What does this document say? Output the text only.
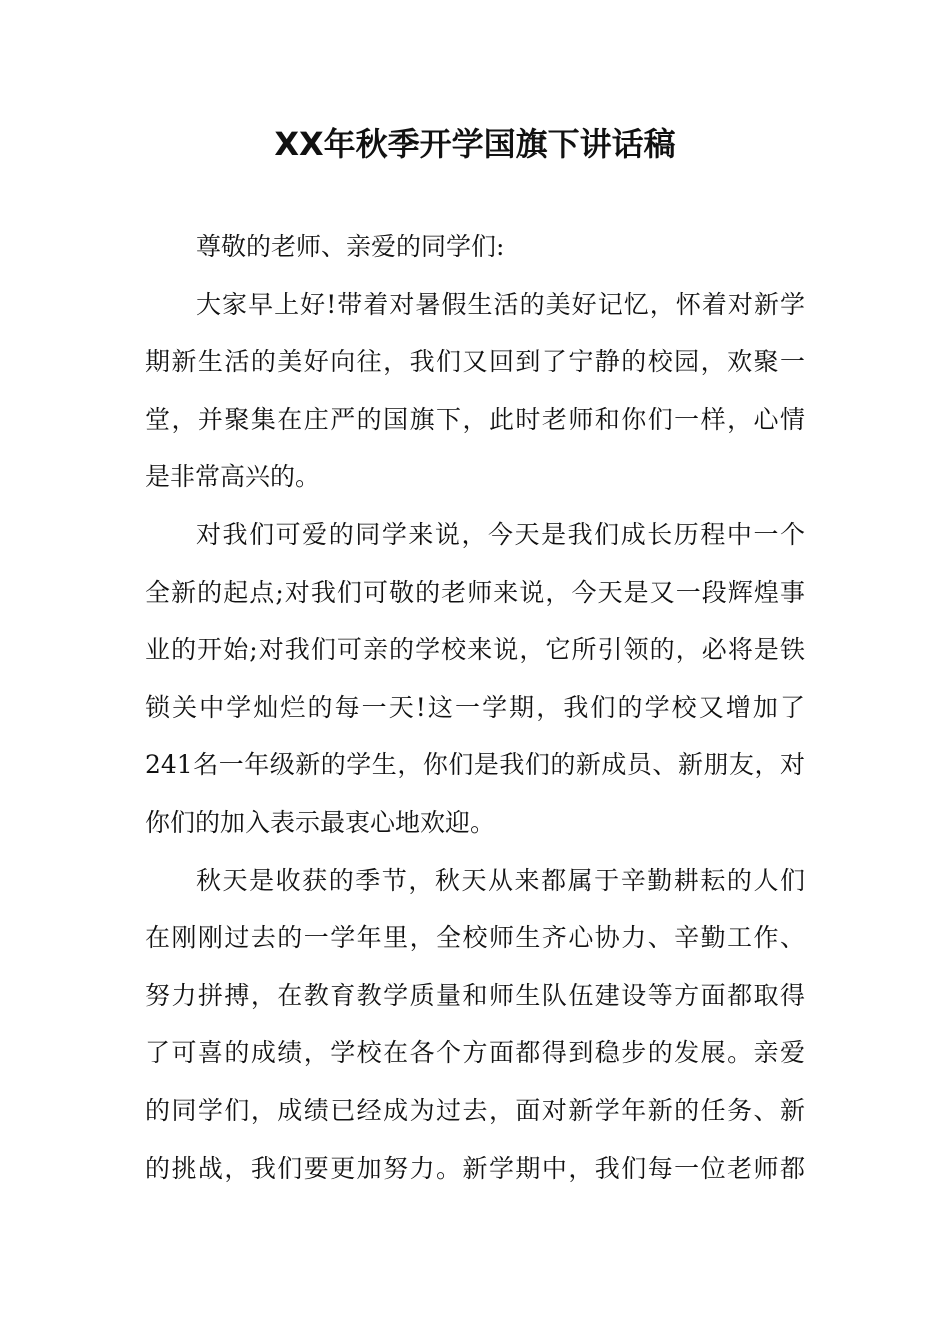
XX年秋季开学国旗下讲话稿
尊敬的老师、亲爱的同学们:
大家早上好!带着对暑假生活的美好记忆，怀着对新学
期新生活的美好向往，我们又回到了宁静的校园，欢聚一
堂，并聚集在庄严的国旗下，此时老师和你们一样，心情
是非常高兴的。
对我们可爱的同学来说，今天是我们成长历程中一个
全新的起点;对我们可敬的老师来说，今天是又一段辉煌事
业的开始;对我们可亲的学校来说，它所引领的，必将是铁
锁关中学灿烂的每一天!这一学期，我们的学校又增加了
241名一年级新的学生，你们是我们的新成员、新朋友，对
你们的加入表示最衷心地欢迎。
秋天是收获的季节，秋天从来都属于辛勤耕耘的人们
在刚刚过去的一学年里，全校师生齐心协力、辛勤工作、
努力拼搏，在教育教学质量和师生队伍建设等方面都取得
了可喜的成绩，学校在各个方面都得到稳步的发展。亲爱
的同学们，成绩已经成为过去，面对新学年新的任务、新
的挑战，我们要更加努力。新学期中，我们每一位老师都
